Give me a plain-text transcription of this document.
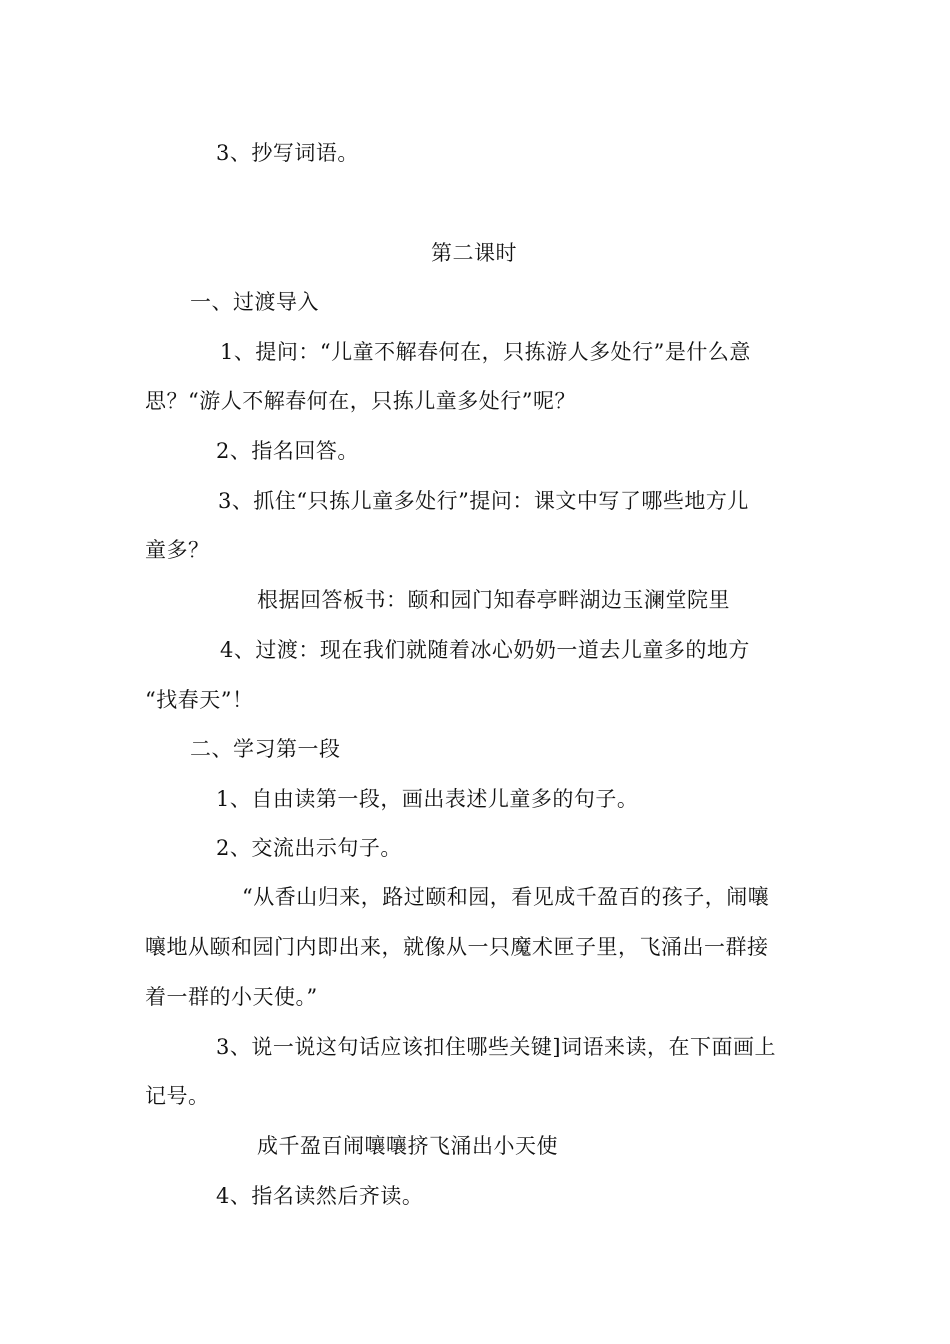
3、抄写词语。
第二课时
一、过渡导入
1、提问：“儿童不解春何在，只拣游人多处行”是什么意
思？“游人不解春何在，只拣儿童多处行”呢？
2、指名回答。
3、抓住“只拣儿童多处行”提问：课文中写了哪些地方儿
童多？
根据回答板书：颐和园门知春亭畔湖边玉澜堂院里
4、过渡：现在我们就随着冰心奶奶一道去儿童多的地方
“找春天”！
二、学习第一段
1、自由读第一段，画出表述儿童多的句子。
2、交流出示句子。
“从香山归来，路过颐和园，看见成千盈百的孩子，闹嚷
嚷地从颐和园门内即出来，就像从一只魔术匣子里，飞涌出一群接
着一群的小天使。”
3、说一说这句话应该扣住哪些关键]词语来读，在下面画上
记号。
成千盈百闹嚷嚷挤飞涌出小天使
4、指名读然后齐读。
